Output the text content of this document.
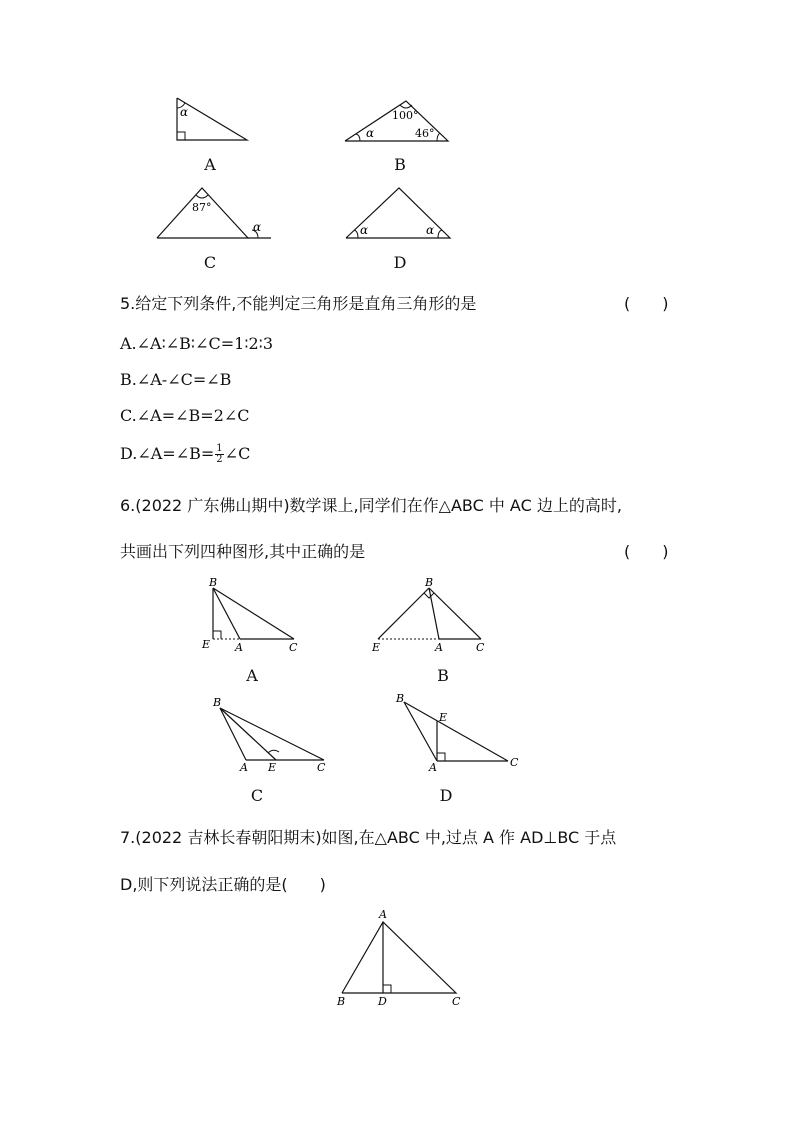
α
A
100°
α	46°
B
87°
α
C
α	α
D
5.给定下列条件,不能判定三角形是直角三角形的是	(　　)
A.∠A∶∠B∶∠C=1∶2∶3
B.∠A-∠C=∠B
C.∠A=∠B=2∠C
D.∠A=∠B= $\frac{1}{2}$ ∠C
6.(2022 广东佛山期中)数学课上,同学们在作△ABC 中 AC 边上的高时,
共画出下列四种图形,其中正确的是	(　　)
B
E A	C
A
B
E	A	C
B
B
A E	C
C
B
E
A	C
D
7.(2022 吉林长春朝阳期末)如图,在△ABC 中,过点 A 作 AD⊥BC 于点
D,则下列说法正确的是(　　)
A
B	D	C
